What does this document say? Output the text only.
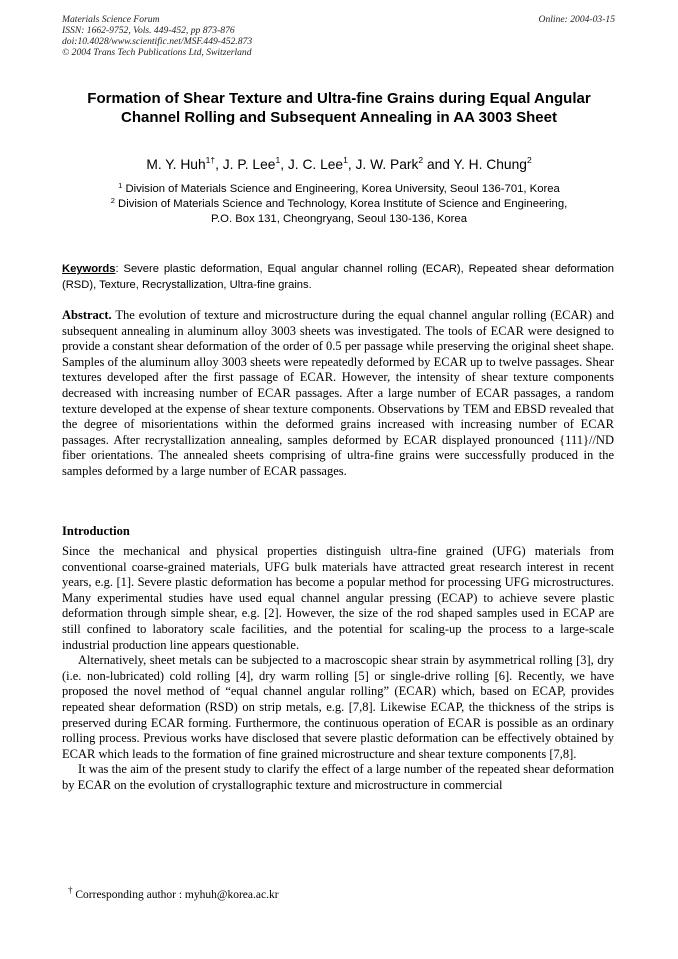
Materials Science Forum
ISSN: 1662-9752, Vols. 449-452, pp 873-876
doi:10.4028/www.scientific.net/MSF.449-452.873
© 2004 Trans Tech Publications Ltd, Switzerland
Online: 2004-03-15
Formation of Shear Texture and Ultra-fine Grains during Equal Angular
Channel Rolling and Subsequent Annealing in AA 3003 Sheet
M. Y. Huh$^{1\dagger}$, J. P. Lee$^1$, J. C. Lee$^1$, J. W. Park$^2$ and Y. H. Chung$^2$
$^1$ Division of Materials Science and Engineering, Korea University, Seoul 136-701, Korea
$^2$ Division of Materials Science and Technology, Korea Institute of Science and Engineering,
P.O. Box 131, Cheongryang, Seoul 130-136, Korea
Keywords: Severe plastic deformation, Equal angular channel rolling (ECAR), Repeated shear deformation (RSD), Texture, Recrystallization, Ultra-fine grains.
Abstract. The evolution of texture and microstructure during the equal channel angular rolling (ECAR) and subsequent annealing in aluminum alloy 3003 sheets was investigated. The tools of ECAR were designed to provide a constant shear deformation of the order of 0.5 per passage while preserving the original sheet shape. Samples of the aluminum alloy 3003 sheets were repeatedly deformed by ECAR up to twelve passages. Shear textures developed after the first passage of ECAR. However, the intensity of shear texture components decreased with increasing number of ECAR passages. After a large number of ECAR passages, a random texture developed at the expense of shear texture components. Observations by TEM and EBSD revealed that the degree of misorientations within the deformed grains increased with increasing number of ECAR passages. After recrystallization annealing, samples deformed by ECAR displayed pronounced {111}//ND fiber orientations. The annealed sheets comprising of ultra-fine grains were successfully produced in the samples deformed by a large number of ECAR passages.
Introduction

Since the mechanical and physical properties distinguish ultra-fine grained (UFG) materials from conventional coarse-grained materials, UFG bulk materials have attracted great research interest in recent years, e.g. [1]. Severe plastic deformation has become a popular method for processing UFG microstructures. Many experimental studies have used equal channel angular pressing (ECAP) to achieve severe plastic deformation through simple shear, e.g. [2]. However, the size of the rod shaped samples used in ECAP are still confined to laboratory scale facilities, and the potential for scaling-up the process to a large-scale industrial production line appears questionable.

Alternatively, sheet metals can be subjected to a macroscopic shear strain by asymmetrical rolling [3], dry (i.e. non-lubricated) cold rolling [4], dry warm rolling [5] or single-drive rolling [6]. Recently, we have proposed the novel method of “equal channel angular rolling” (ECAR) which, based on ECAP, provides repeated shear deformation (RSD) on strip metals, e.g. [7,8]. Likewise ECAP, the thickness of the strips is preserved during ECAR forming. Furthermore, the continuous operation of ECAR is possible as an ordinary rolling process. Previous works have disclosed that severe plastic deformation can be effectively obtained by ECAR which leads to the formation of fine grained microstructure and shear texture components [7,8].

It was the aim of the present study to clarify the effect of a large number of the repeated shear deformation by ECAR on the evolution of crystallographic texture and microstructure in commercial

† Corresponding author : myhuh@korea.ac.kr
